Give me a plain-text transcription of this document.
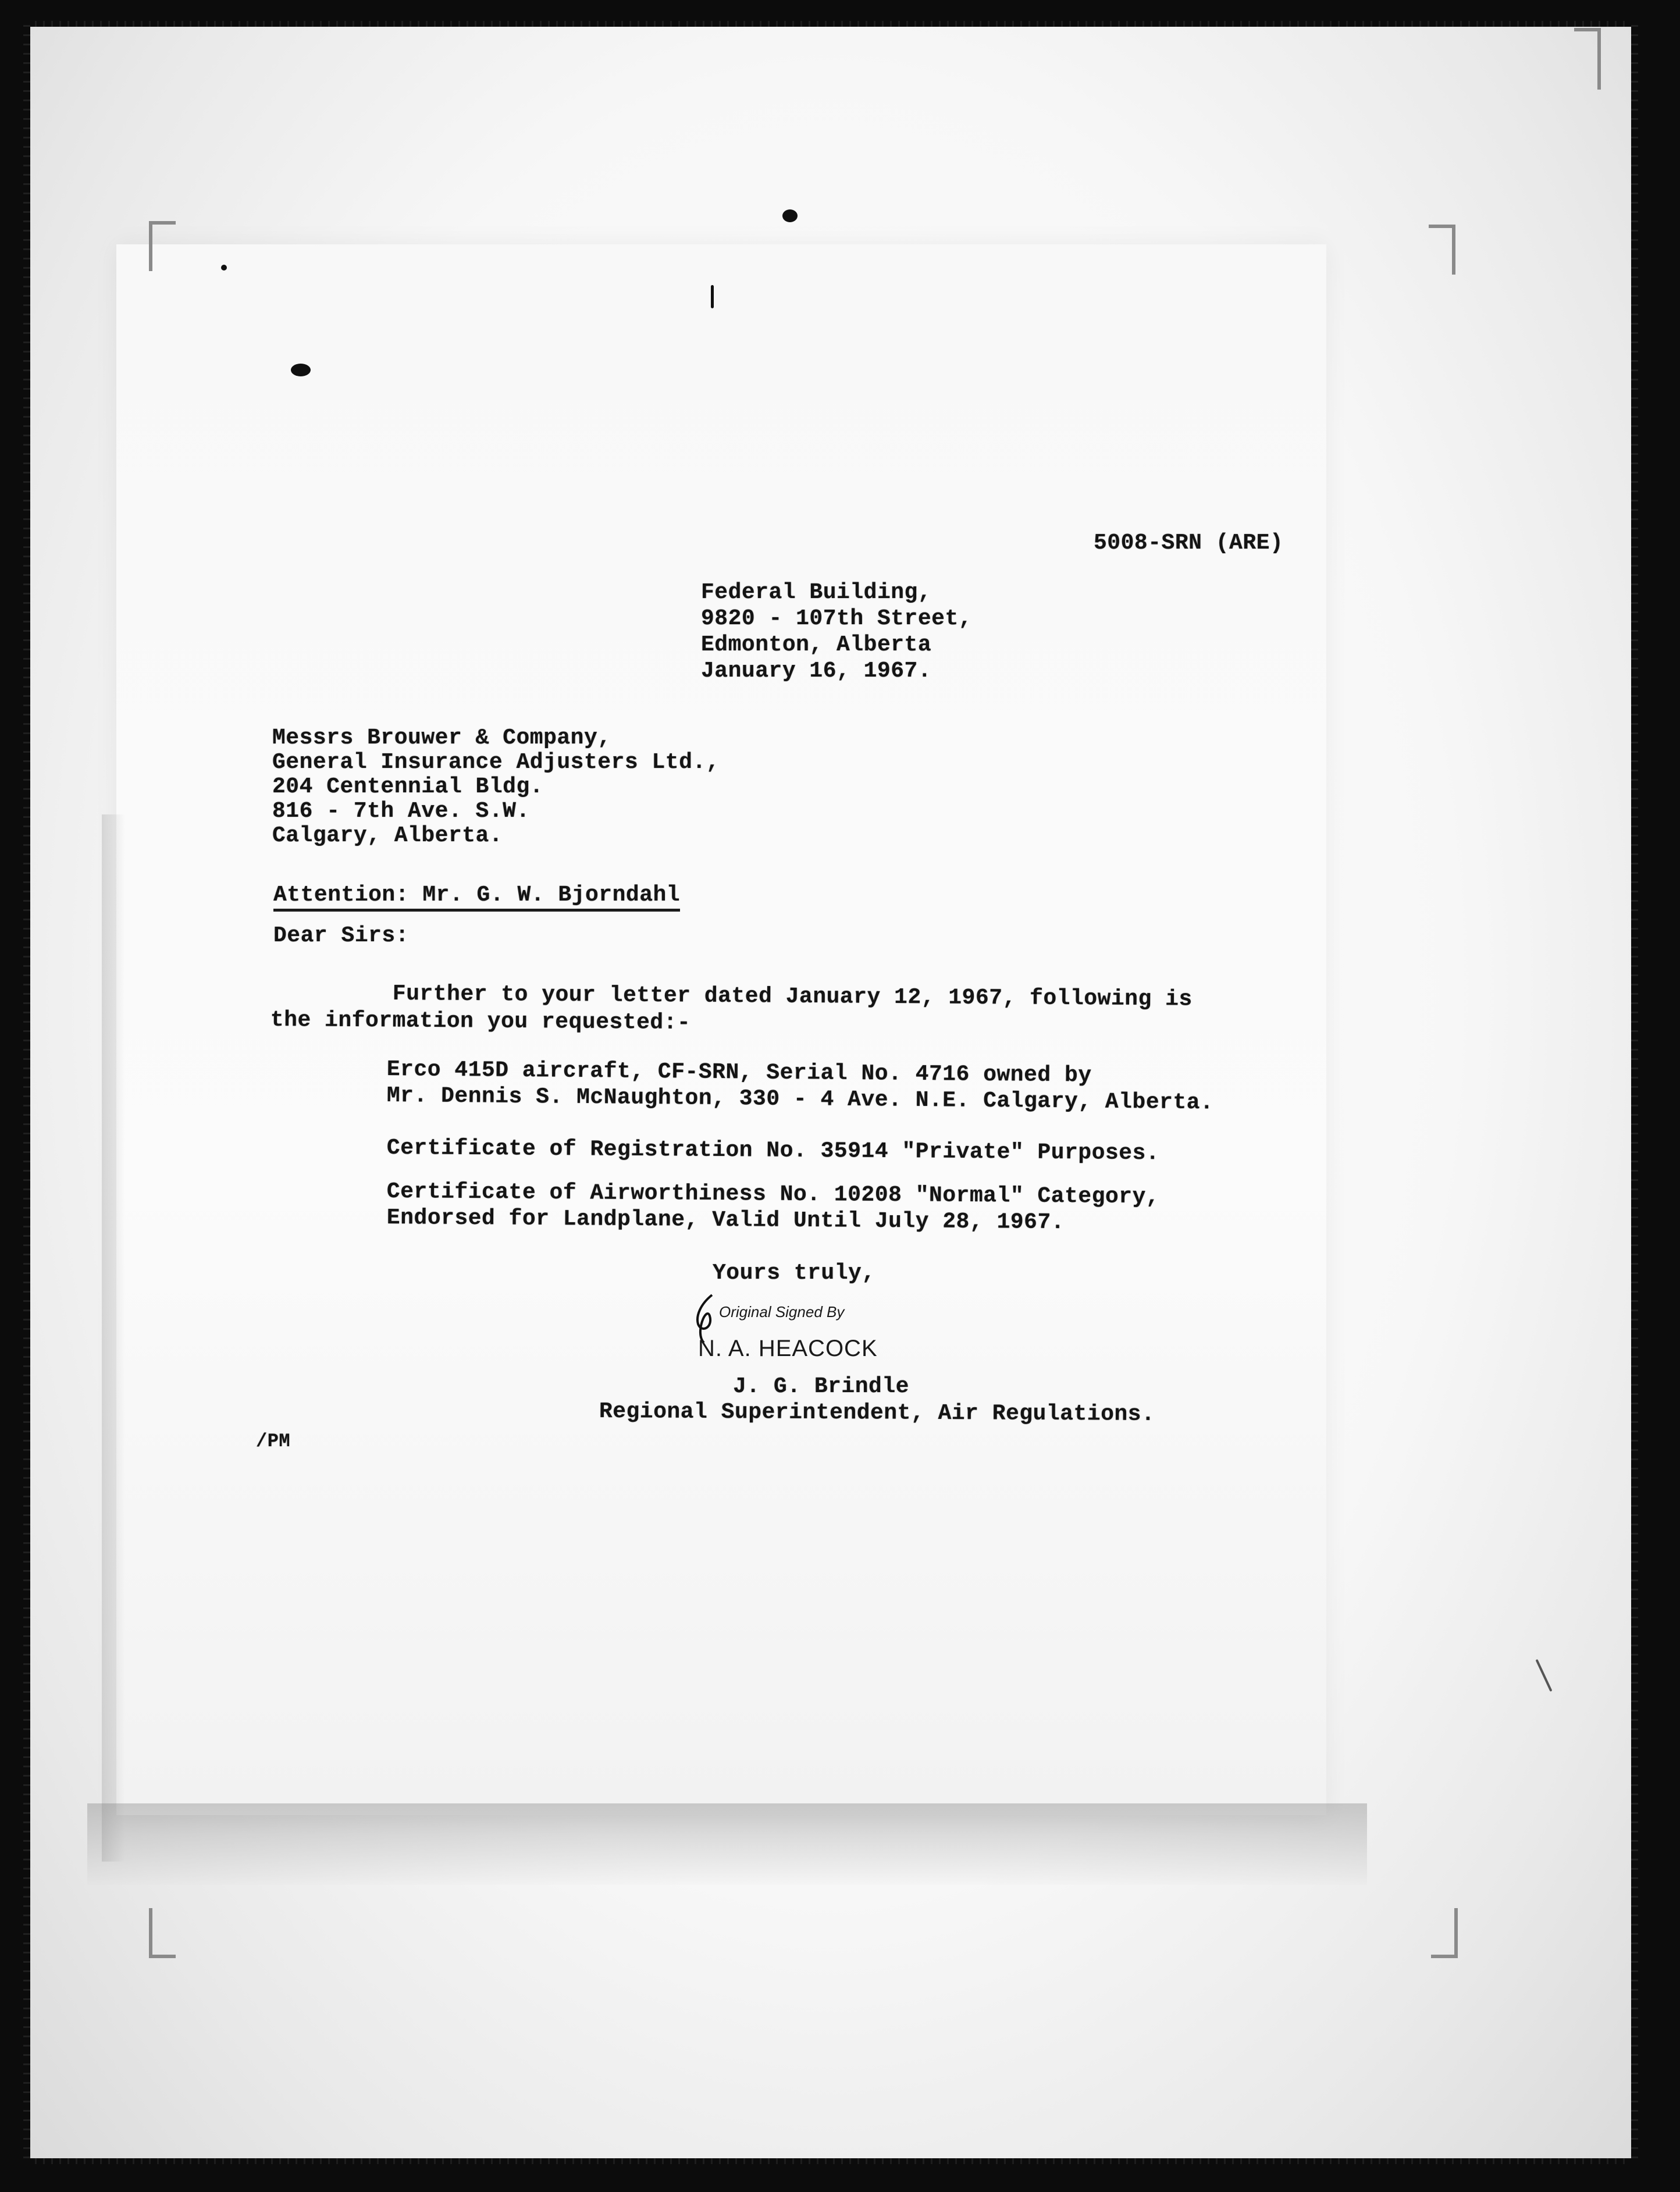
5008-SRN (ARE)
Federal Building,
9820 - 107th Street,
Edmonton, Alberta
January 16, 1967.
Messrs Brouwer & Company,
General Insurance Adjusters Ltd.,
204 Centennial Bldg.
816 - 7th Ave. S.W.
Calgary, Alberta.
Attention: Mr. G. W. Bjorndahl
Dear Sirs:
Further to your letter dated January 12, 1967, following is
the information you requested:-
Erco 415D aircraft, CF-SRN, Serial No. 4716 owned by
Mr. Dennis S. McNaughton, 330 - 4 Ave. N.E. Calgary, Alberta.
Certificate of Registration No. 35914 "Private" Purposes.
Certificate of Airworthiness No. 10208 "Normal" Category,
Endorsed for Landplane, Valid Until July 28, 1967.
Yours truly,
Original Signed By
N. A. HEACOCK
J. G. Brindle
Regional Superintendent, Air Regulations.
/PM
